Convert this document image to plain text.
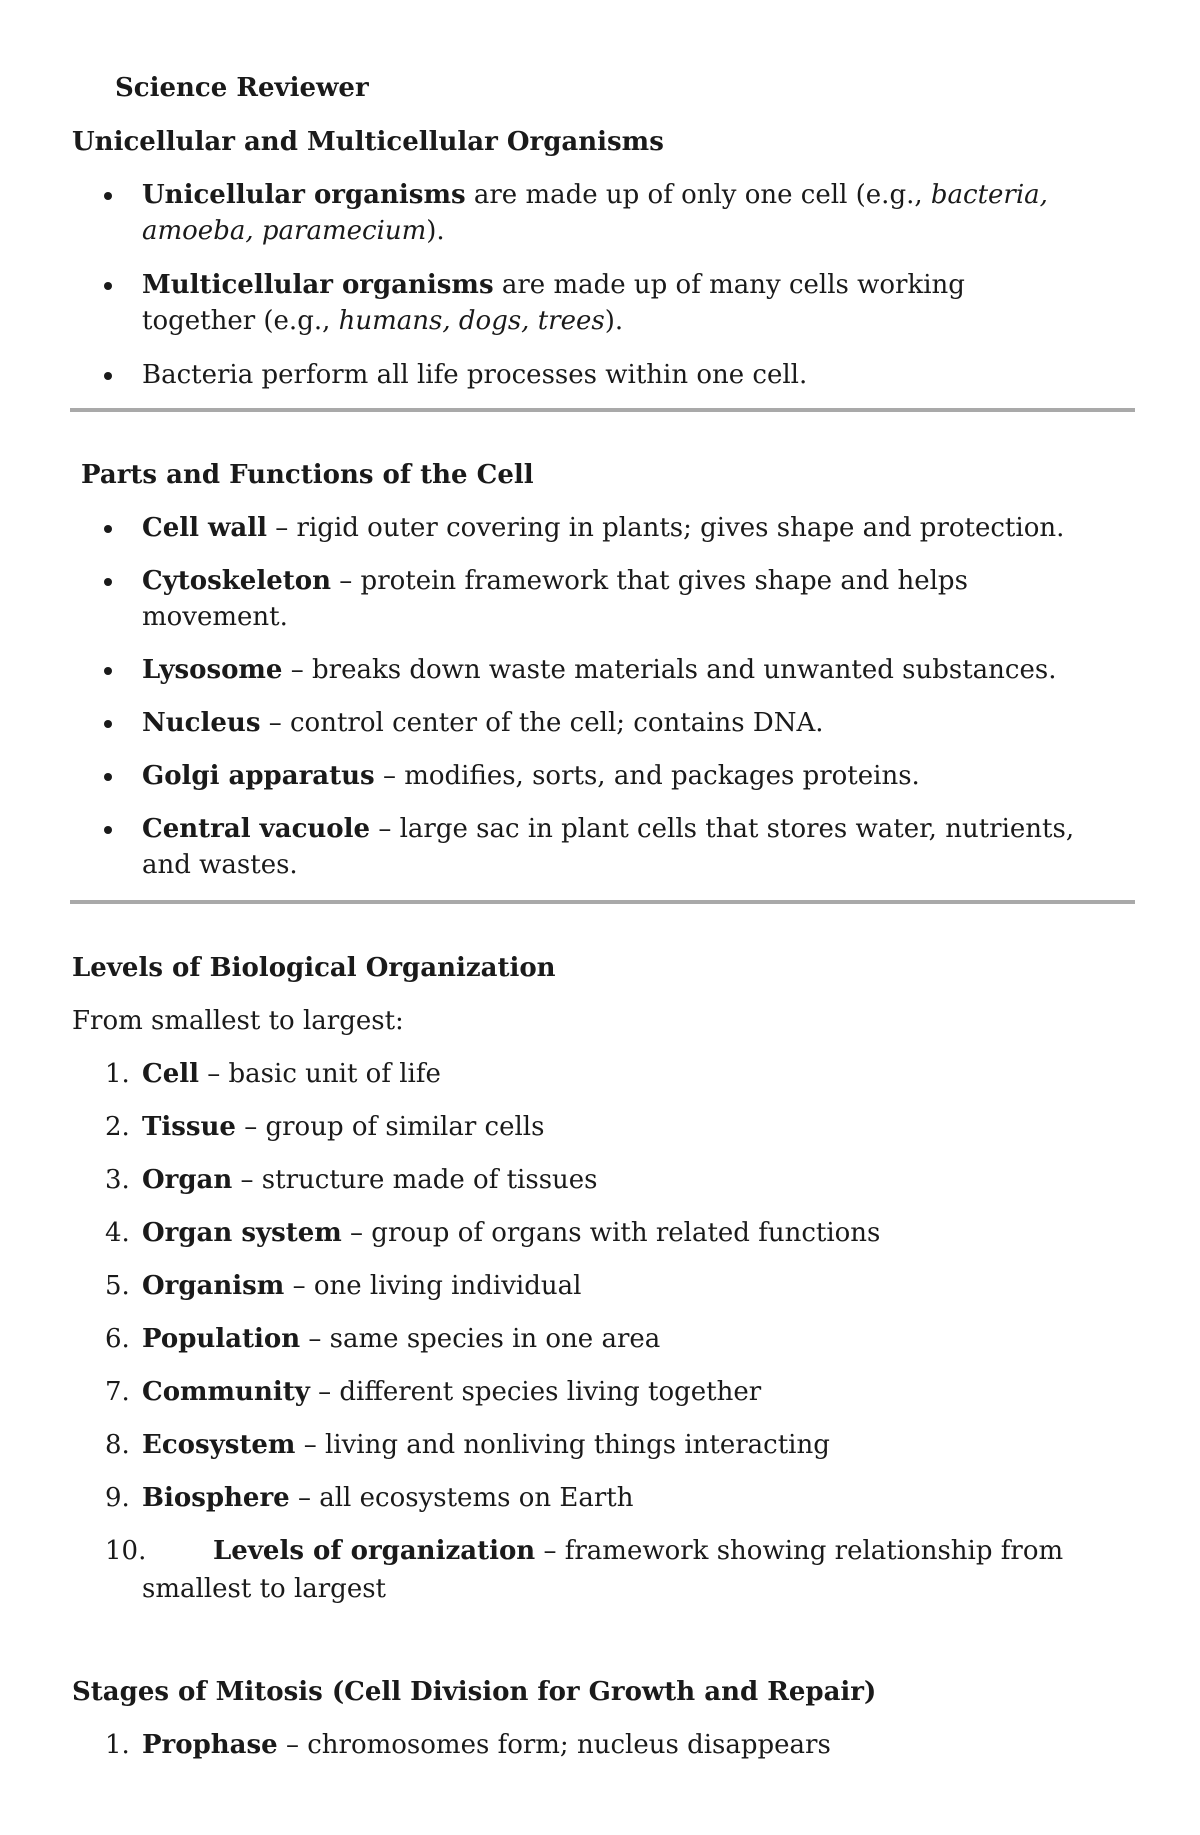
Science Reviewer
Unicellular and Multicellular Organisms
Unicellular organisms are made up of only one cell (e.g., bacteria,
amoeba, paramecium).
Multicellular organisms are made up of many cells working
together (e.g., humans, dogs, trees).
Bacteria perform all life processes within one cell.
Parts and Functions of the Cell
Cell wall – rigid outer covering in plants; gives shape and protection.
Cytoskeleton – protein framework that gives shape and helps
movement.
Lysosome – breaks down waste materials and unwanted substances.
Nucleus – control center of the cell; contains DNA.
Golgi apparatus – modifies, sorts, and packages proteins.
Central vacuole – large sac in plant cells that stores water, nutrients,
and wastes.
Levels of Biological Organization
From smallest to largest:
1. Cell – basic unit of life
2. Tissue – group of similar cells
3. Organ – structure made of tissues
4. Organ system – group of organs with related functions
5. Organism – one living individual
6. Population – same species in one area
7. Community – different species living together
8. Ecosystem – living and nonliving things interacting
9. Biosphere – all ecosystems on Earth
10.	Levels of organization – framework showing relationship from
smallest to largest
Stages of Mitosis (Cell Division for Growth and Repair)
1. Prophase – chromosomes form; nucleus disappears
